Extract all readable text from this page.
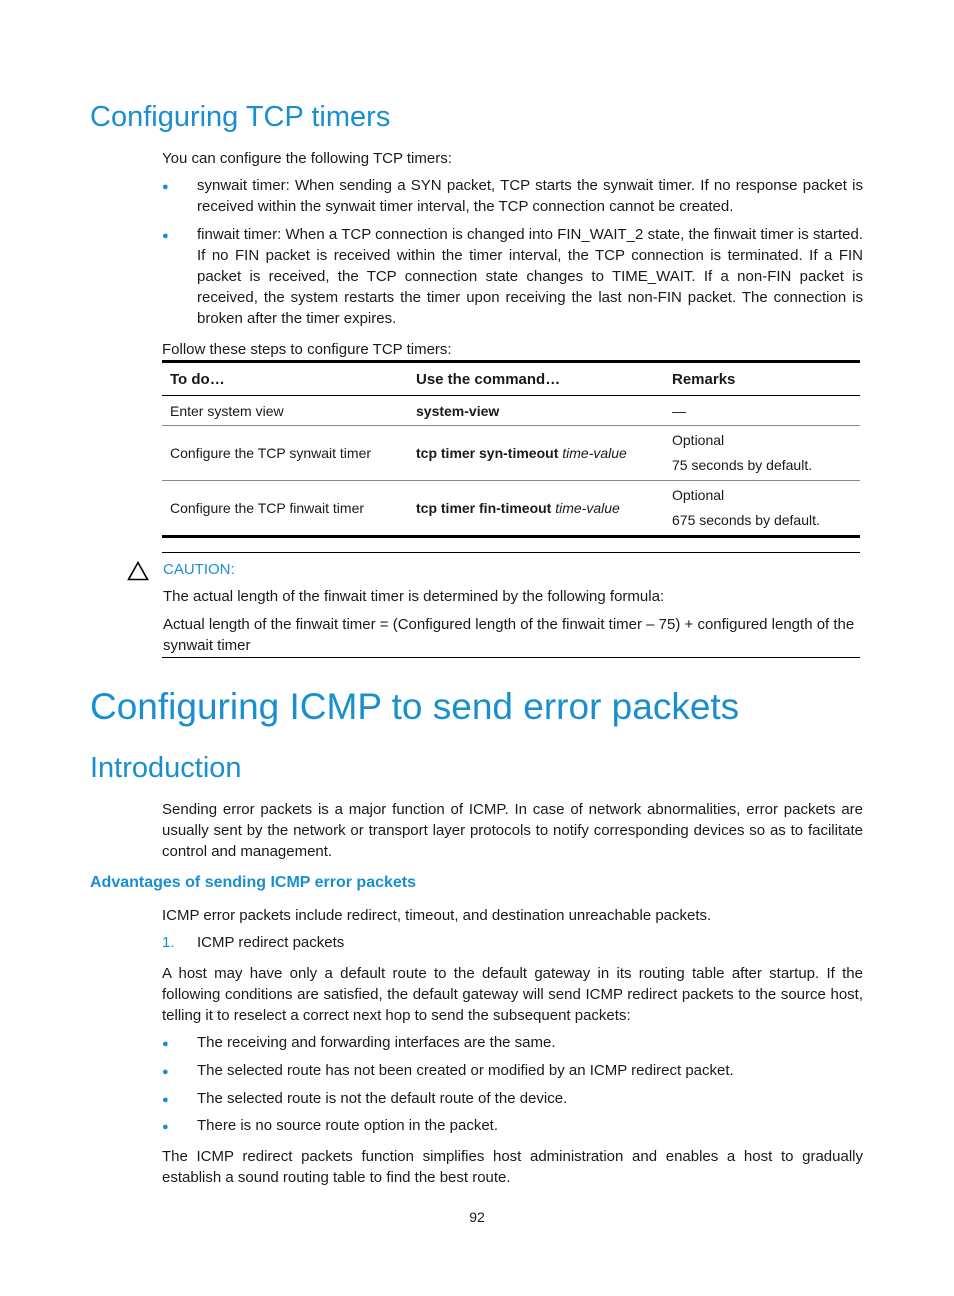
Configuring TCP timers

You can configure the following TCP timers:

● synwait timer: When sending a SYN packet, TCP starts the synwait timer. If no response packet is received within the synwait timer interval, the TCP connection cannot be created.

● finwait timer: When a TCP connection is changed into FIN_WAIT_2 state, the finwait timer is started. If no FIN packet is received within the timer interval, the TCP connection is terminated. If a FIN packet is received, the TCP connection state changes to TIME_WAIT. If a non-FIN packet is received, the system restarts the timer upon receiving the last non-FIN packet. The connection is broken after the timer expires.

Follow these steps to configure TCP timers:

To do…	Use the command…	Remarks
Enter system view	system-view	—
Configure the TCP synwait timer	tcp timer syn-timeout time-value	Optional
75 seconds by default.

Configure the TCP finwait timer	tcp timer fin-timeout time-value	Optional
675 seconds by default.

CAUTION:

The actual length of the finwait timer is determined by the following formula:

Actual length of the finwait timer = (Configured length of the finwait timer – 75) + configured length of the synwait timer

Configuring ICMP to send error packets
Introduction

Sending error packets is a major function of ICMP. In case of network abnormalities, error packets are usually sent by the network or transport layer protocols to notify corresponding devices so as to facilitate control and management.

Advantages of sending ICMP error packets

ICMP error packets include redirect, timeout, and destination unreachable packets.

1. ICMP redirect packets

A host may have only a default route to the default gateway in its routing table after startup. If the following conditions are satisfied, the default gateway will send ICMP redirect packets to the source host, telling it to reselect a correct next hop to send the subsequent packets:

● The receiving and forwarding interfaces are the same.

● The selected route has not been created or modified by an ICMP redirect packet.

● The selected route is not the default route of the device.

● There is no source route option in the packet.

The ICMP redirect packets function simplifies host administration and enables a host to gradually establish a sound routing table to find the best route.

92
